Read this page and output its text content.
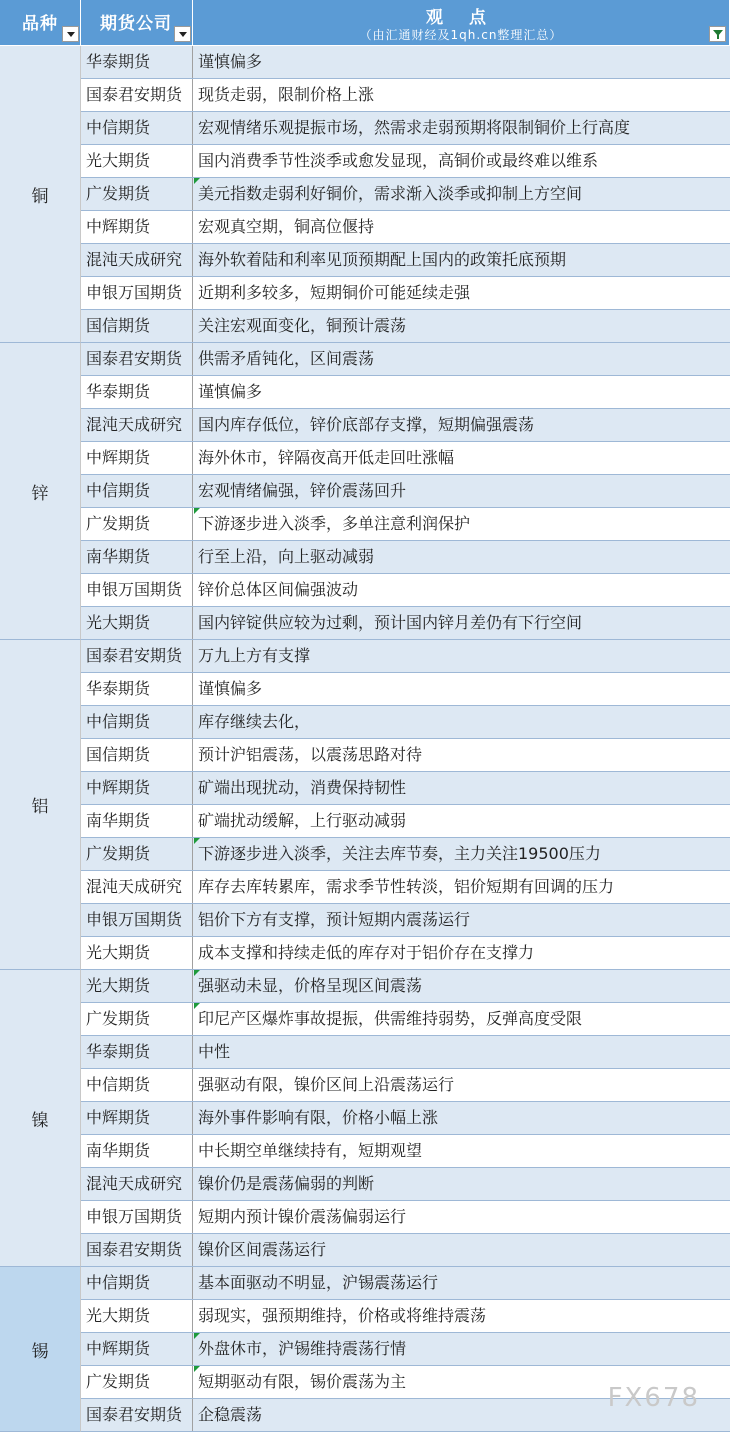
品种 期货公司	观 点
（由汇通财经及1qh.cn整理汇总）
铜
华泰期货	谨慎偏多
国泰君安期货 现货走弱，限制价格上涨
中信期货	宏观情绪乐观提振市场，然需求走弱预期将限制铜价上行高度
光大期货	国内消费季节性淡季或愈发显现，高铜价或最终难以维系
广发期货	美元指数走弱利好铜价，需求渐入淡季或抑制上方空间
中辉期货	宏观真空期，铜高位偃持
混沌天成研究 海外软着陆和利率见顶预期配上国内的政策托底预期
申银万国期货 近期利多较多，短期铜价可能延续走强
国信期货	关注宏观面变化，铜预计震荡
锌
国泰君安期货 供需矛盾钝化，区间震荡
华泰期货	谨慎偏多
混沌天成研究 国内库存低位，锌价底部存支撑，短期偏强震荡
中辉期货	海外休市，锌隔夜高开低走回吐涨幅
中信期货	宏观情绪偏强，锌价震荡回升
广发期货	下游逐步进入淡季，多单注意利润保护
南华期货	行至上沿，向上驱动减弱
申银万国期货 锌价总体区间偏强波动
光大期货	国内锌锭供应较为过剩，预计国内锌月差仍有下行空间
铝
国泰君安期货 万九上方有支撑
华泰期货	谨慎偏多
中信期货	库存继续去化，
国信期货	预计沪铝震荡，以震荡思路对待
中辉期货	矿端出现扰动，消费保持韧性
南华期货	矿端扰动缓解，上行驱动减弱
广发期货	下游逐步进入淡季，关注去库节奏，主力关注19500压力
混沌天成研究 库存去库转累库，需求季节性转淡，铝价短期有回调的压力
申银万国期货 铝价下方有支撑，预计短期内震荡运行
光大期货	成本支撑和持续走低的库存对于铝价存在支撑力
镍
光大期货	强驱动未显，价格呈现区间震荡
广发期货	印尼产区爆炸事故提振，供需维持弱势，反弹高度受限
华泰期货	中性
中信期货	强驱动有限，镍价区间上沿震荡运行
中辉期货	海外事件影响有限，价格小幅上涨
南华期货	中长期空单继续持有，短期观望
混沌天成研究 镍价仍是震荡偏弱的判断
申银万国期货 短期内预计镍价震荡偏弱运行
国泰君安期货 镍价区间震荡运行
锡
中信期货	基本面驱动不明显，沪锡震荡运行
光大期货	弱现实，强预期维持，价格或将维持震荡
中辉期货	外盘休市，沪锡维持震荡行情
广发期货	短期驱动有限，锡价震荡为主
国泰君安期货 企稳震荡
FX678
